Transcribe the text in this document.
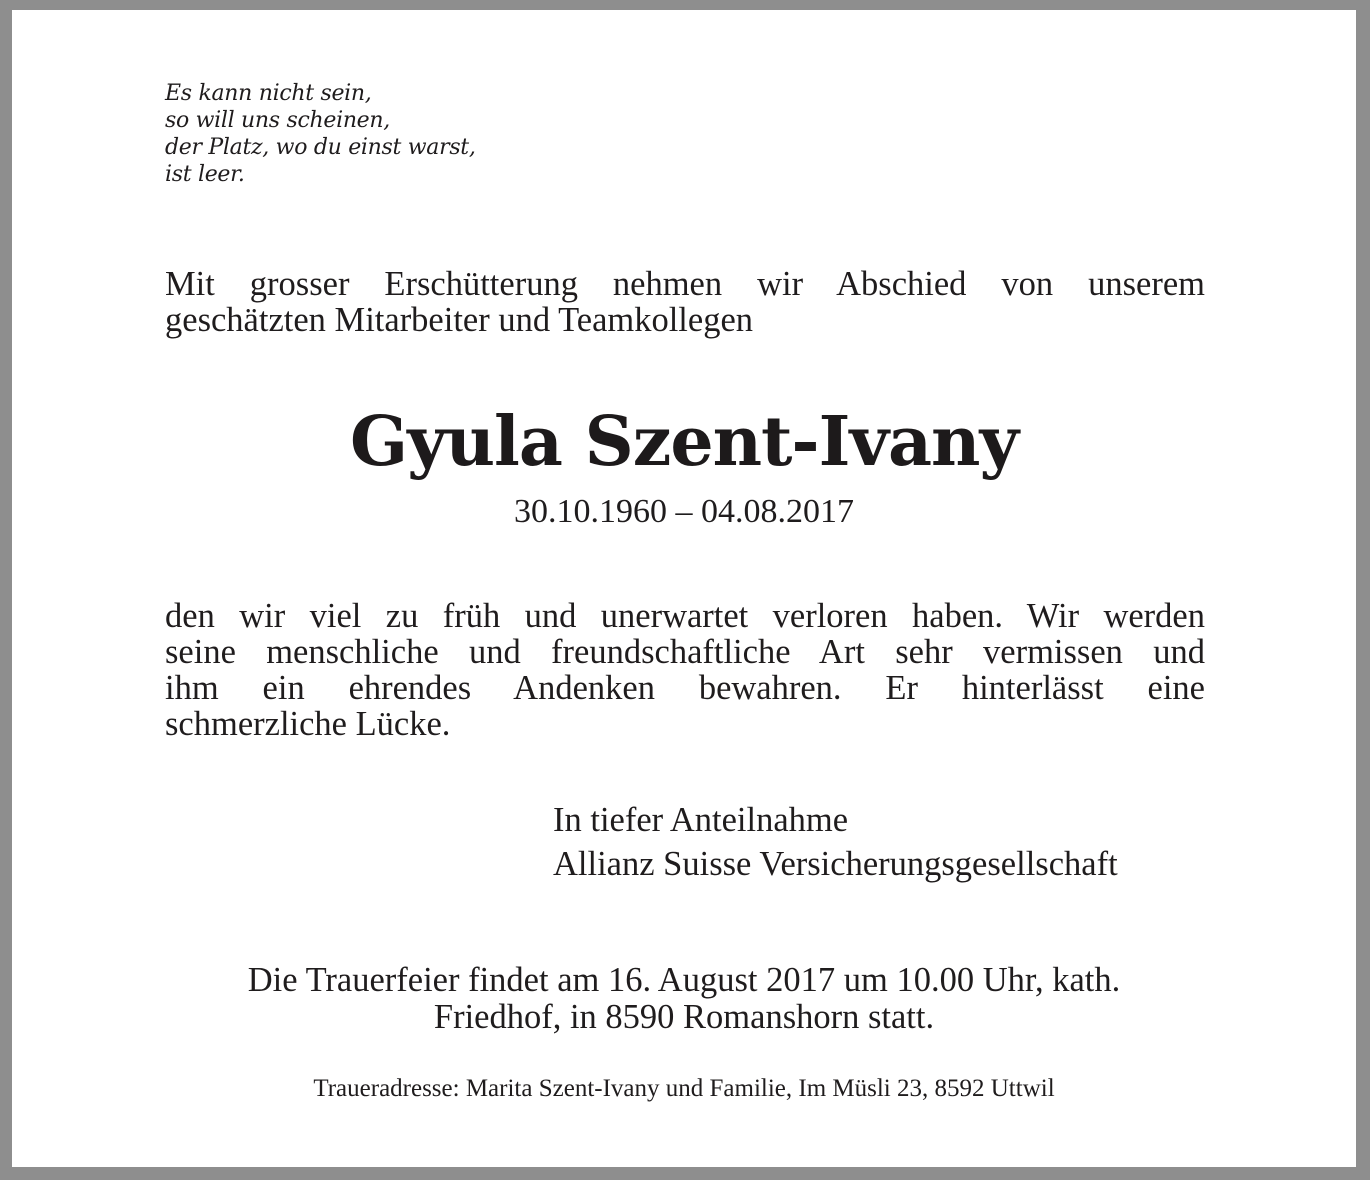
Es kann nicht sein,
so will uns scheinen,
der Platz, wo du einst warst,
ist leer.
Mit grosser Erschütterung nehmen wir Abschied von unserem
geschätzten Mitarbeiter und Teamkollegen
Gyula Szent-Ivany
30.10.1960 – 04.08.2017
den wir viel zu früh und unerwartet verloren haben. Wir werden
seine menschliche und freundschaftliche Art sehr vermissen und
ihm ein ehrendes Andenken bewahren. Er hinterlässt eine
schmerzliche Lücke.
In tiefer Anteilnahme
Allianz Suisse Versicherungsgesellschaft
Die Trauerfeier findet am 16. August 2017 um 10.00 Uhr, kath.
Friedhof, in 8590 Romanshorn statt.
Traueradresse: Marita Szent-Ivany und Familie, Im Müsli 23, 8592 Uttwil
